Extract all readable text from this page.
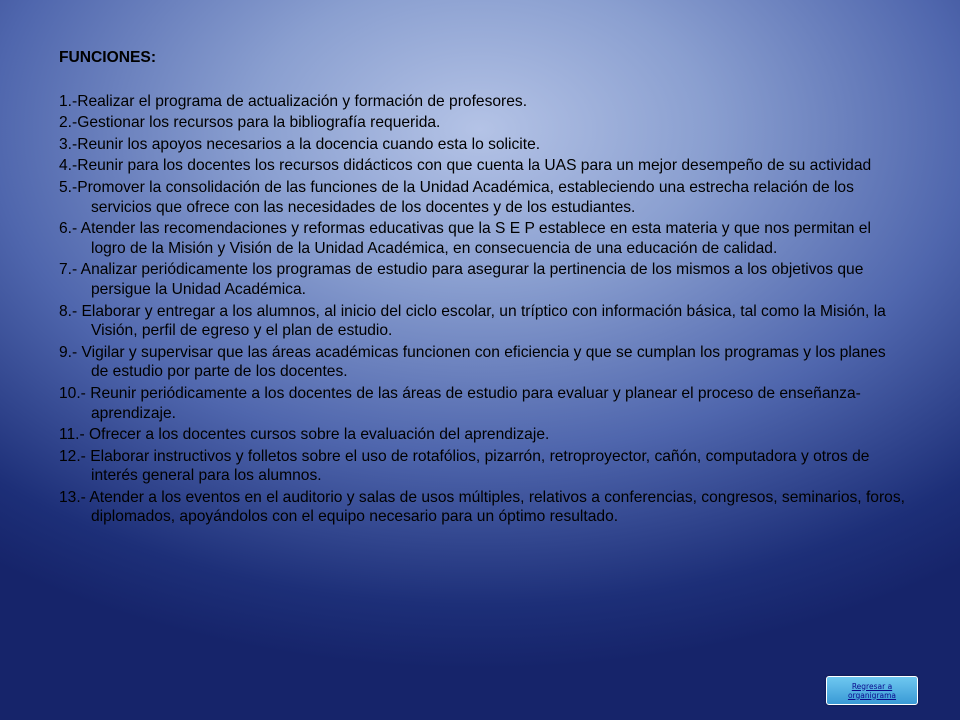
FUNCIONES:

1.-Realizar el programa de actualización y formación de profesores.

2.-Gestionar los recursos para la bibliografía requerida.

3.-Reunir los apoyos necesarios a la docencia cuando esta lo solicite.

4.-Reunir para los docentes los recursos didácticos con que cuenta la UAS para un mejor desempeño de su actividad

5.-Promover la consolidación de las funciones de la Unidad Académica, estableciendo una estrecha relación de los servicios que ofrece con las necesidades de los docentes y de los estudiantes.

6.- Atender las recomendaciones y reformas educativas que la S E P establece en esta materia y que nos permitan el logro de la Misión y Visión de la Unidad Académica, en consecuencia de una educación de calidad.

7.- Analizar periódicamente los programas de estudio para asegurar la pertinencia de los mismos a los objetivos que persigue la Unidad Académica.

8.- Elaborar y entregar a los alumnos, al inicio del ciclo escolar, un tríptico con información básica, tal como la Misión, la Visión, perfil de egreso y el plan de estudio.

9.- Vigilar y supervisar que las áreas académicas funcionen con eficiencia y que se cumplan los programas y los planes de estudio por parte de los docentes.

10.- Reunir periódicamente a los docentes de las áreas de estudio para evaluar y planear el proceso de enseñanza-aprendizaje.

11.- Ofrecer a los docentes cursos sobre la evaluación del aprendizaje.

12.- Elaborar instructivos y folletos sobre el uso de rotafólios, pizarrón, retroproyector, cañón, computadora y otros de interés general para los alumnos.

13.- Atender a los eventos en el auditorio y salas de usos múltiples, relativos a conferencias, congresos, seminarios, foros, diplomados, apoyándolos con el equipo necesario para un óptimo resultado.

Regresar a organigrama
